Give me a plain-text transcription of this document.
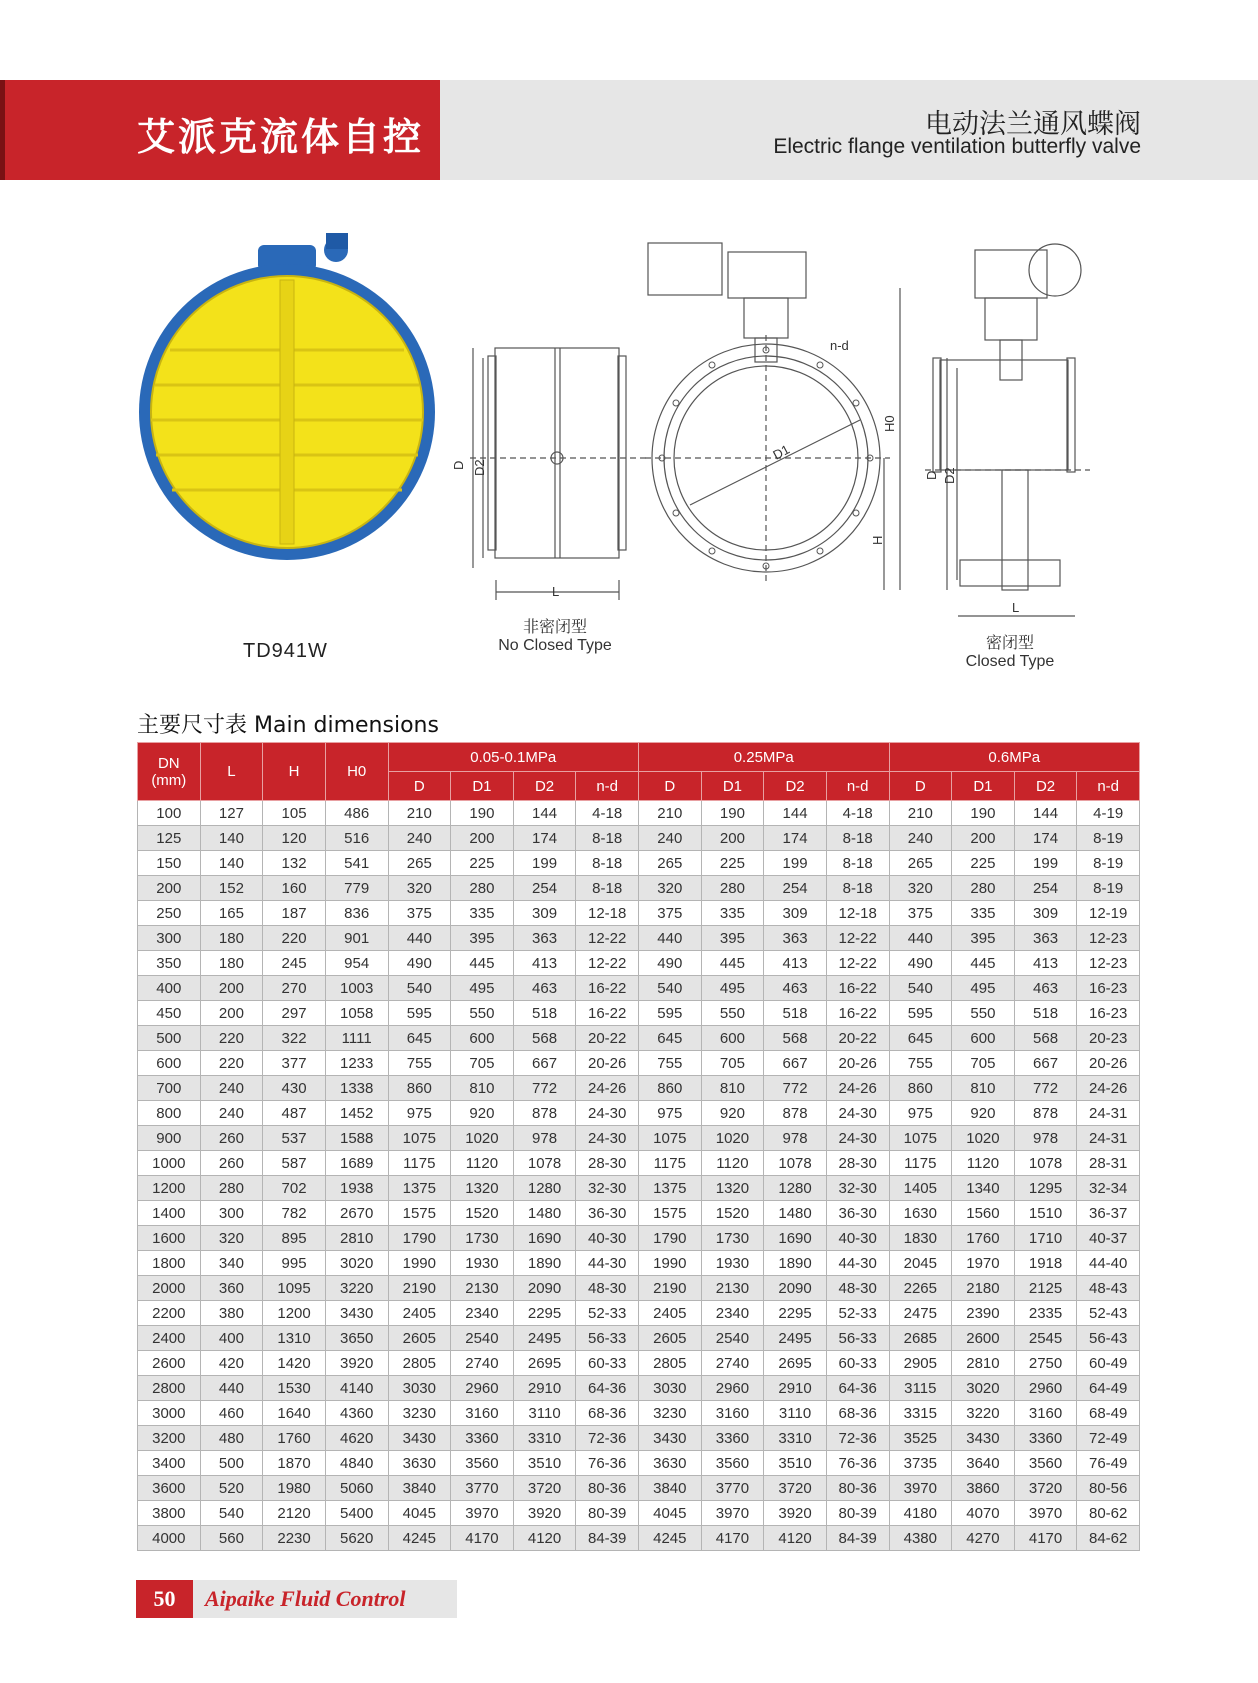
艾派克流体自控	电动法兰通风蝶阀
Electric flange ventilation butterfly valve
D D2
L
D1
H0
H
n-d
D D2
L
TD941W
非密闭型
No Closed Type	密闭型
Closed Type
主要尺寸表 Main dimensions
DN
(mm)	L	H	H0	0.05-0.1MPa				0.25MPa				0.6MPa			
				D	D1	D2	n-d	D	D1	D2	n-d	D	D1	D2	n-d
100	127	105	486	210	190	144	4-18	210	190	144	4-18	210	190	144	4-19
125	140	120	516	240	200	174	8-18	240	200	174	8-18	240	200	174	8-19
150	140	132	541	265	225	199	8-18	265	225	199	8-18	265	225	199	8-19
200	152	160	779	320	280	254	8-18	320	280	254	8-18	320	280	254	8-19
250	165	187	836	375	335	309	12-18	375	335	309	12-18	375	335	309	12-19
300	180	220	901	440	395	363	12-22	440	395	363	12-22	440	395	363	12-23
350	180	245	954	490	445	413	12-22	490	445	413	12-22	490	445	413	12-23
400	200	270	1003	540	495	463	16-22	540	495	463	16-22	540	495	463	16-23
450	200	297	1058	595	550	518	16-22	595	550	518	16-22	595	550	518	16-23
500	220	322	1111	645	600	568	20-22	645	600	568	20-22	645	600	568	20-23
600	220	377	1233	755	705	667	20-26	755	705	667	20-26	755	705	667	20-26
700	240	430	1338	860	810	772	24-26	860	810	772	24-26	860	810	772	24-26
800	240	487	1452	975	920	878	24-30	975	920	878	24-30	975	920	878	24-31
900	260	537	1588	1075	1020	978	24-30	1075	1020	978	24-30	1075	1020	978	24-31
1000	260	587	1689	1175	1120	1078	28-30	1175	1120	1078	28-30	1175	1120	1078	28-31
1200	280	702	1938	1375	1320	1280	32-30	1375	1320	1280	32-30	1405	1340	1295	32-34
1400	300	782	2670	1575	1520	1480	36-30	1575	1520	1480	36-30	1630	1560	1510	36-37
1600	320	895	2810	1790	1730	1690	40-30	1790	1730	1690	40-30	1830	1760	1710	40-37
1800	340	995	3020	1990	1930	1890	44-30	1990	1930	1890	44-30	2045	1970	1918	44-40
2000	360	1095	3220	2190	2130	2090	48-30	2190	2130	2090	48-30	2265	2180	2125	48-43
2200	380	1200	3430	2405	2340	2295	52-33	2405	2340	2295	52-33	2475	2390	2335	52-43
2400	400	1310	3650	2605	2540	2495	56-33	2605	2540	2495	56-33	2685	2600	2545	56-43
2600	420	1420	3920	2805	2740	2695	60-33	2805	2740	2695	60-33	2905	2810	2750	60-49
2800	440	1530	4140	3030	2960	2910	64-36	3030	2960	2910	64-36	3115	3020	2960	64-49
3000	460	1640	4360	3230	3160	3110	68-36	3230	3160	3110	68-36	3315	3220	3160	68-49
3200	480	1760	4620	3430	3360	3310	72-36	3430	3360	3310	72-36	3525	3430	3360	72-49
3400	500	1870	4840	3630	3560	3510	76-36	3630	3560	3510	76-36	3735	3640	3560	76-49
3600	520	1980	5060	3840	3770	3720	80-36	3840	3770	3720	80-36	3970	3860	3720	80-56
3800	540	2120	5400	4045	3970	3920	80-39	4045	3970	3920	80-39	4180	4070	3970	80-62
4000	560	2230	5620	4245	4170	4120	84-39	4245	4170	4120	84-39	4380	4270	4170	84-62
50	Aipaike Fluid Control
